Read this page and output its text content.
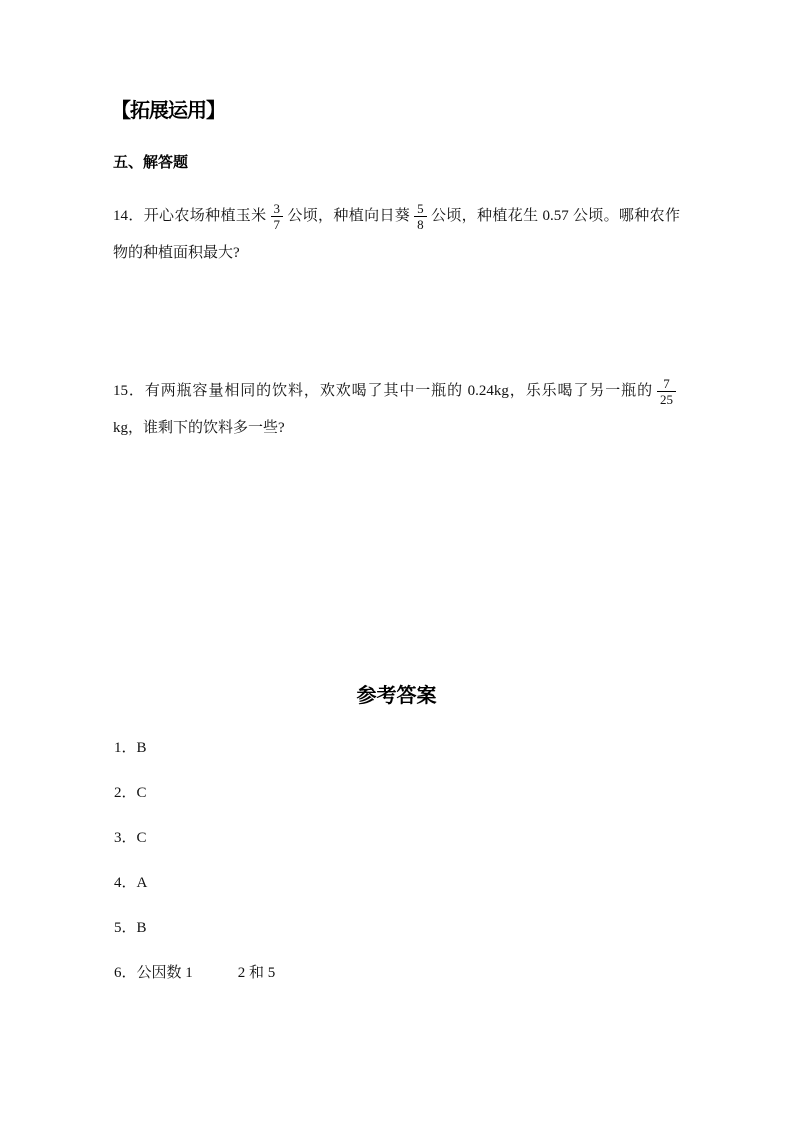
【拓展运用】
五、解答题

14．开心农场种植玉米 $\frac{3}{7}$ 公顷，种植向日葵 $\frac{5}{8}$ 公顷，种植花生 0.57 公顷。哪种农作物的种植面积最大?

15．有两瓶容量相同的饮料，欢欢喝了其中一瓶的 0.24kg，乐乐喝了另一瓶的 $\frac{7}{25}$
kg，谁剩下的饮料多一些?

参考答案
1．B
2．C
3．C
4．A
5．B
6．公因数 1　　　2 和 5
